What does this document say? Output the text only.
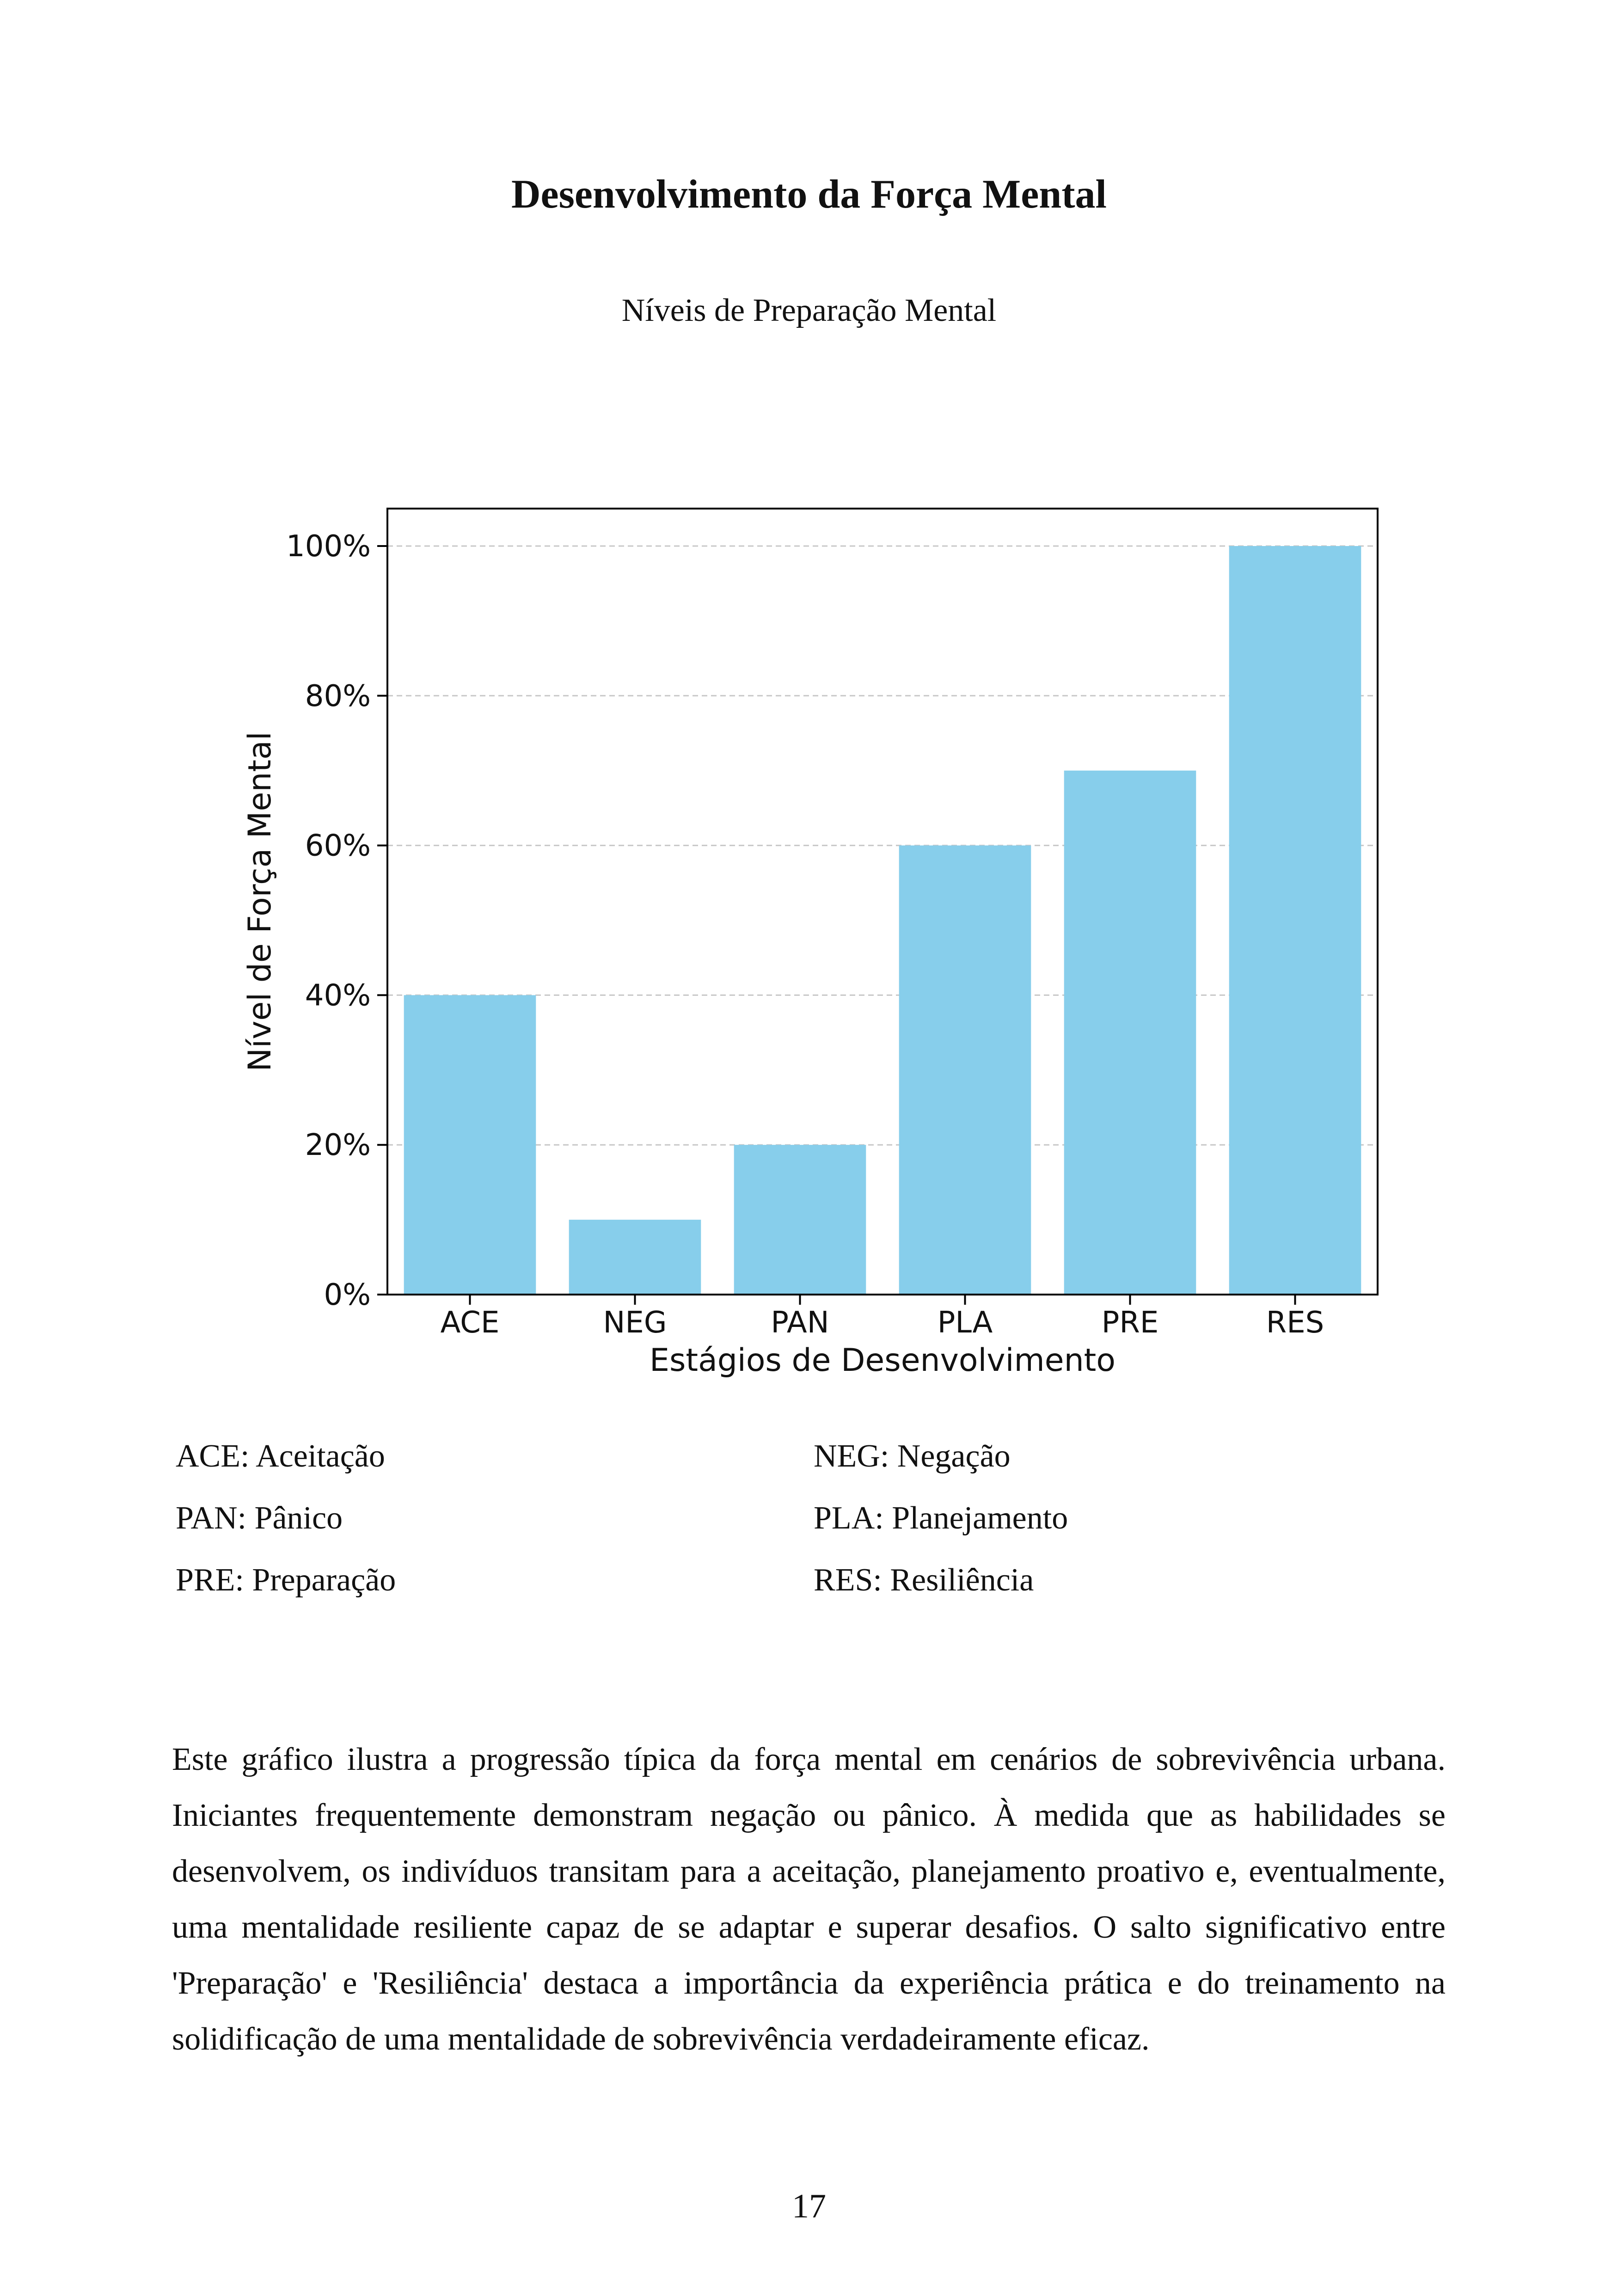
Desenvolvimento da Força Mental
Níveis de Preparação Mental
0%
20%
40%
60%
80%
100%
ACE	NEG	PAN	PLA	PRE	RES
Estágios de Desenvolvimento
Nível de Força Mental
ACE: Aceitação	NEG: Negação
PAN: Pânico	PLA: Planejamento
PRE: Preparação	RES: Resiliência
Este gráfico ilustra a progressão típica da força mental em cenários de sobrevivência urbana. Iniciantes frequentemente demonstram negação ou pânico. À medida que as habilidades se desenvolvem, os indivíduos transitam para a aceitação, planejamento proativo e, eventualmente, uma mentalidade resiliente capaz de se adaptar e superar desafios. O salto significativo entre 'Preparação' e 'Resiliência' destaca a importância da experiência prática e do treinamento na solidificação de uma mentalidade de sobrevivência verdadeiramente eficaz.
17
